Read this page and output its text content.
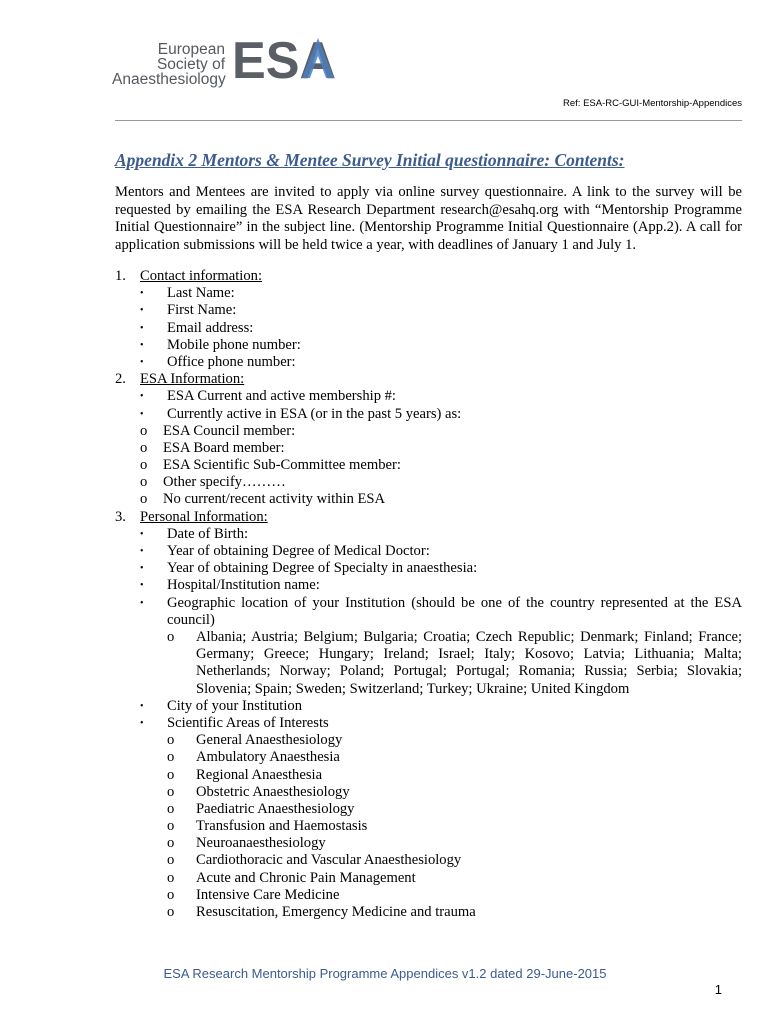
European
Society of
Anaesthesiology ESA
Ref: ESA-RC-GUI-Mentorship-Appendices
Appendix 2 Mentors & Mentee Survey Initial questionnaire: Contents:
Mentors and Mentees are invited to apply via online survey questionnaire. A link to the survey will be requested by emailing the ESA Research Department research@esahq.org with “Mentorship Programme Initial Questionnaire” in the subject line. (Mentorship Programme Initial Questionnaire (App.2). A call for application submissions will be held twice a year, with deadlines of January 1 and July 1.
1. Contact information:
• Last Name:
• First Name:
• Email address:
• Mobile phone number:
• Office phone number:
2. ESA Information:
• ESA Current and active membership #:
• Currently active in ESA (or in the past 5 years) as:
o ESA Council member:
o ESA Board member:
o ESA Scientific Sub-Committee member:
o Other specify………
o No current/recent activity within ESA
3. Personal Information:
• Date of Birth:
• Year of obtaining Degree of Medical Doctor:
• Year of obtaining Degree of Specialty in anaesthesia:
• Hospital/Institution name:
• Geographic location of your Institution (should be one of the country represented at the ESA council)
o Albania; Austria; Belgium; Bulgaria; Croatia; Czech Republic; Denmark; Finland; France; Germany; Greece; Hungary; Ireland; Israel; Italy; Kosovo; Latvia; Lithuania; Malta; Netherlands; Norway; Poland; Portugal; Portugal; Romania; Russia; Serbia; Slovakia; Slovenia; Spain; Sweden; Switzerland; Turkey; Ukraine; United Kingdom
• City of your Institution
• Scientific Areas of Interests
o General Anaesthesiology
o Ambulatory Anaesthesia
o Regional Anaesthesia
o Obstetric Anaesthesiology
o Paediatric Anaesthesiology
o Transfusion and Haemostasis
o Neuroanaesthesiology
o Cardiothoracic and Vascular Anaesthesiology
o Acute and Chronic Pain Management
o Intensive Care Medicine
o Resuscitation, Emergency Medicine and trauma
ESA Research Mentorship Programme Appendices v1.2 dated 29-June-2015
1
